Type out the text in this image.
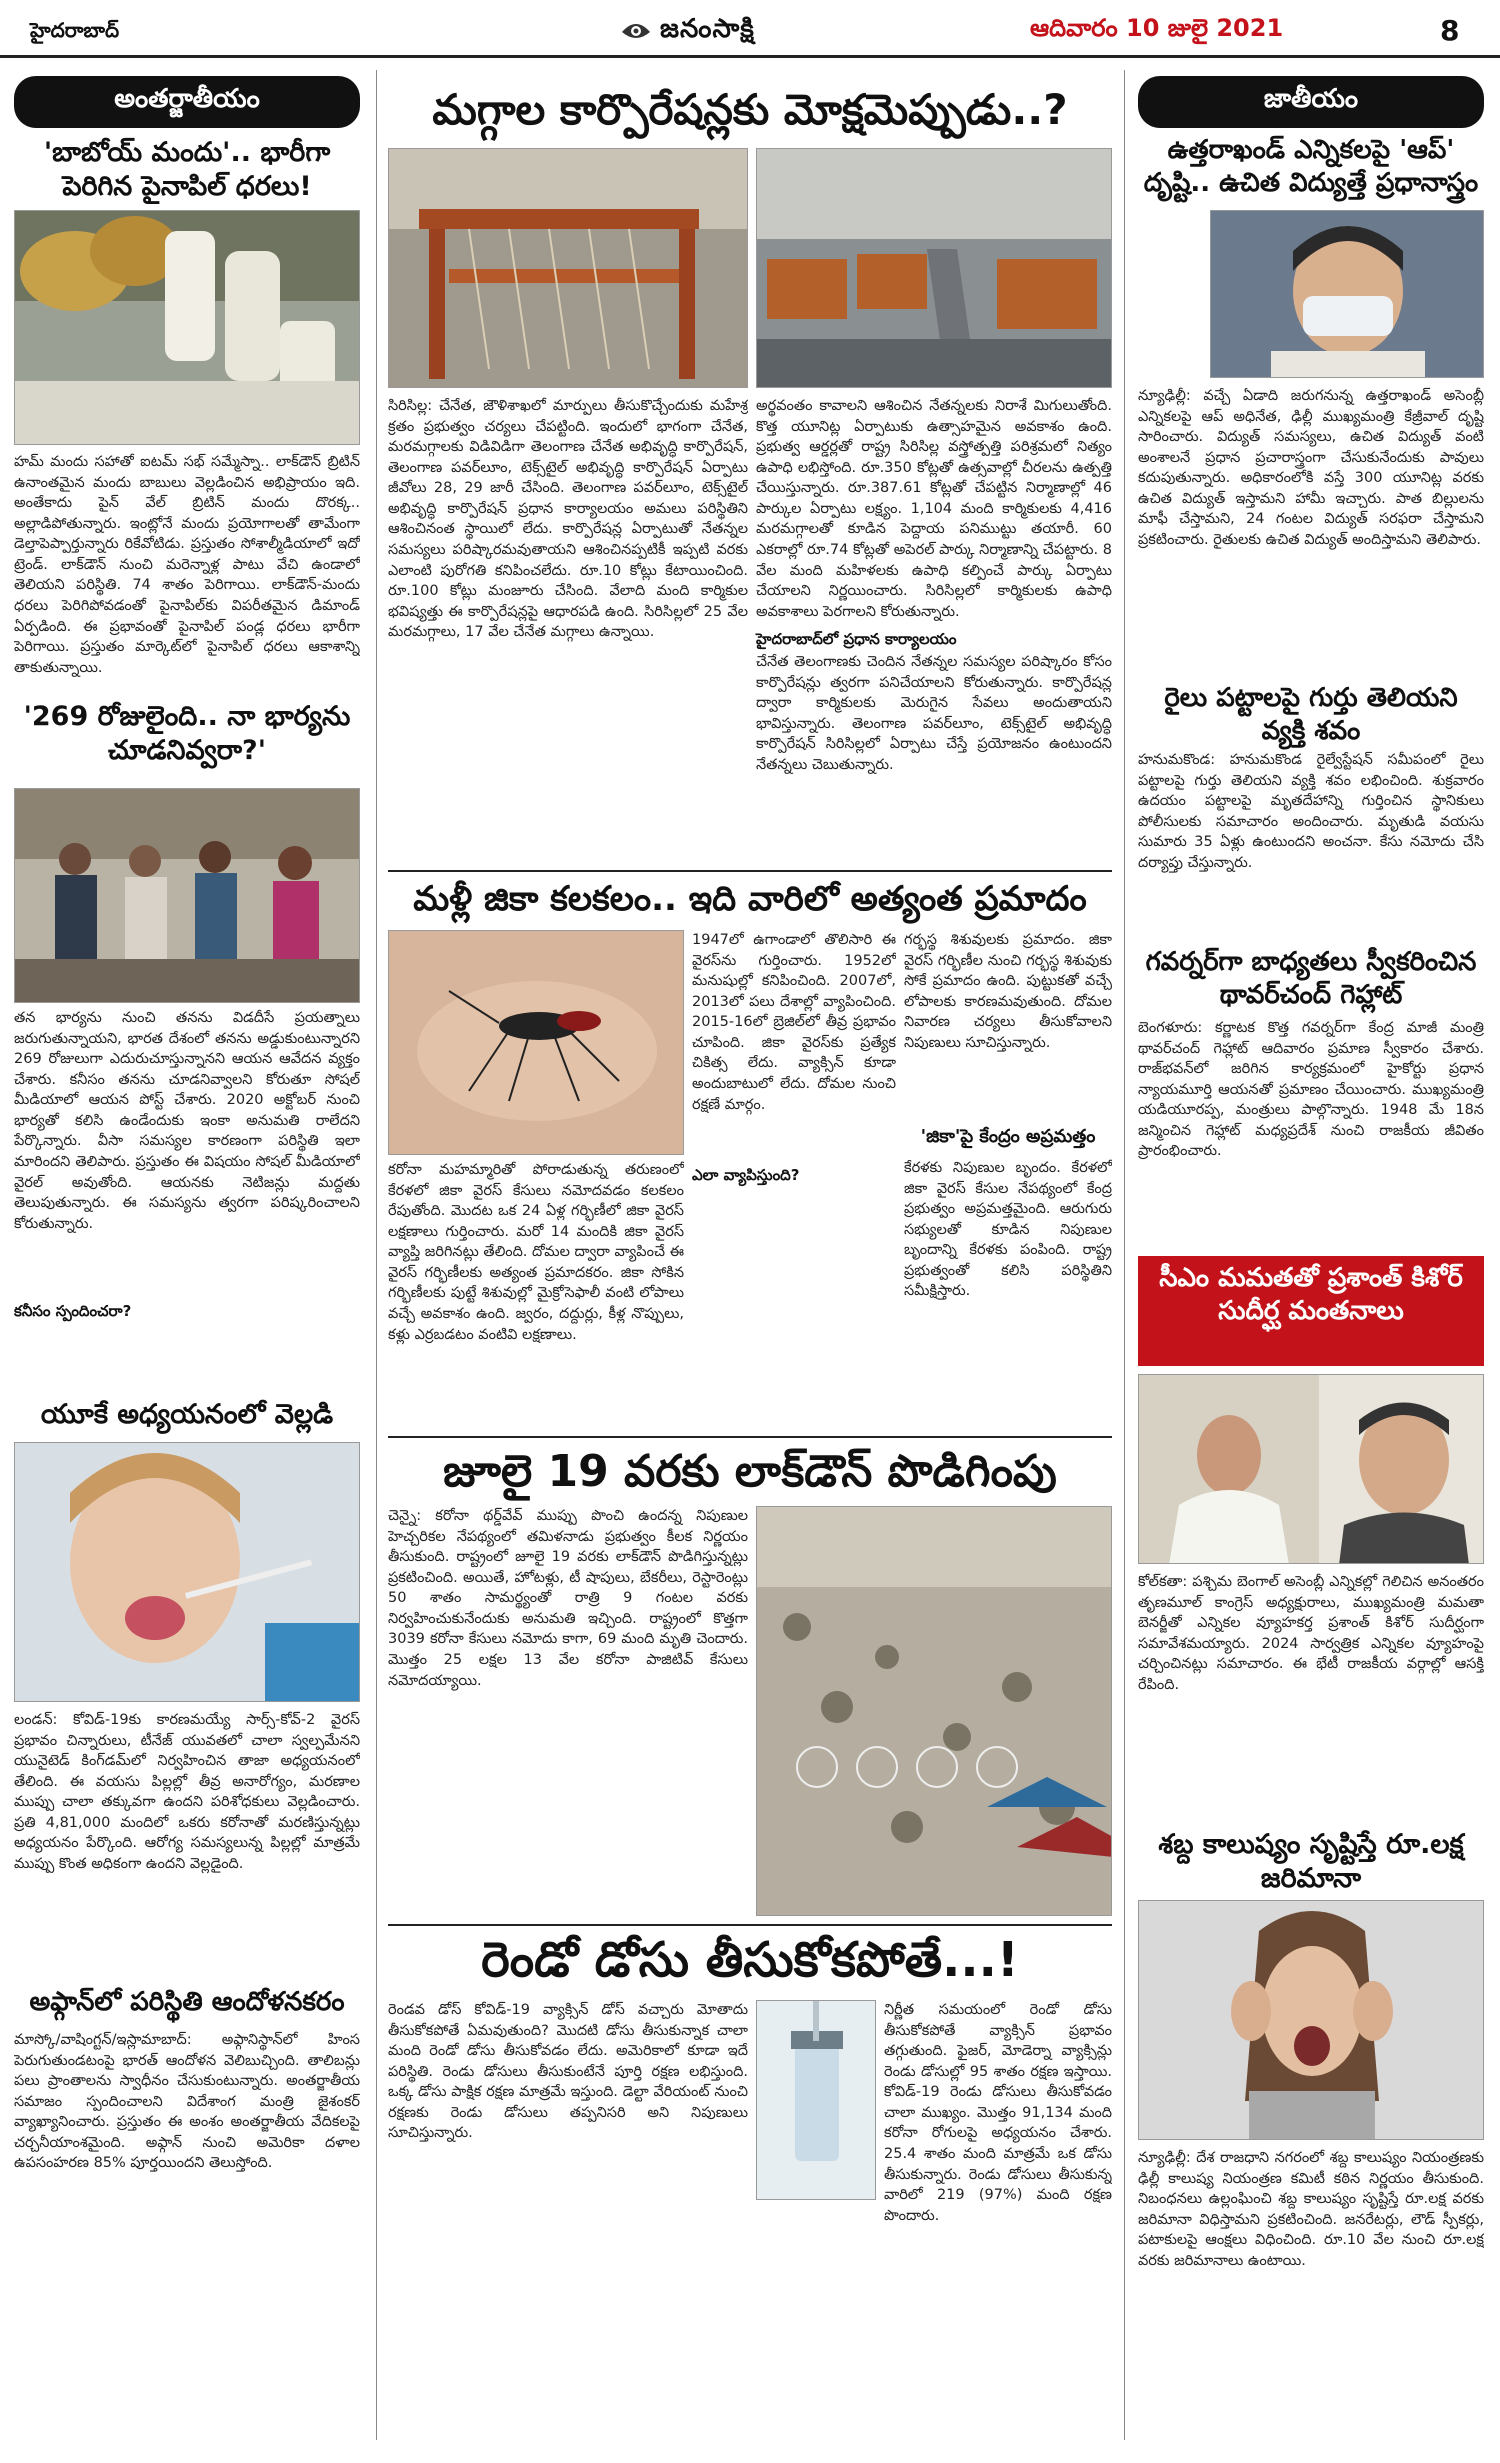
హైదరాబాద్	జనంసాక్షి	ఆదివారం 10 జులై 2021	8
అంతర్జాతీయం
'బాబోయ్ మందు'.. భారీగా పెరిగిన పైనాపిల్ ధరలు!
హమ్ మందు సహాతో ఐటమ్ సభ్ సమ్మేస్నా.. లాక్‌డౌన్ బ్రిటిన్ ఉనాంతమైన మందు బాబులు వెల్లడించిన అభిప్రాయం ఇది. అంతేకాదు పైన్ వేల్ బ్రిటిన్ మందు దొరక్క.. అల్లాడిపోతున్నారు. ఇంట్లోనే మందు ప్రయోగాలతో తామేంగా డెల్తాపెప్పార్తున్నారు రికేవోటిడు. ప్రస్తుతం సోశాల్మీడియాలో ఇదో ట్రెండ్. లాక్‌డౌన్ నుంచి మరెన్నాళ్ల పాటు వేచి ఉండాలో తెలియని పరిస్థితి. 74 శాతం పెరిగాయి. లాక్‌డౌన్-మందు ధరలు పెరిగిపోవడంతో పైనాపిల్‌కు విపరీతమైన డిమాండ్ ఏర్పడింది. ఈ ప్రభావంతో పైనాపిల్ పండ్ల ధరలు భారీగా పెరిగాయి. ప్రస్తుతం మార్కెట్‌లో పైనాపిల్ ధరలు ఆకాశాన్ని తాకుతున్నాయి.
'269 రోజులైంది.. నా భార్యను చూడనివ్వరా?'
తన భార్యను నుంచి తనను విడదీసే ప్రయత్నాలు జరుగుతున్నాయని, భారత దేశంలో తనను అడ్డుకుంటున్నారని 269 రోజులుగా ఎదురుచూస్తున్నానని ఆయన ఆవేదన వ్యక్తం చేశారు. కనీసం తనను చూడనివ్వాలని కోరుతూ సోషల్ మీడియాలో ఆయన పోస్ట్ చేశారు. 2020 అక్టోబర్ నుంచి భార్యతో కలిసి ఉండేందుకు ఇంకా అనుమతి రాలేదని పేర్కొన్నారు. వీసా సమస్యల కారణంగా పరిస్థితి ఇలా మారిందని తెలిపారు. ప్రస్తుతం ఈ విషయం సోషల్ మీడియాలో వైరల్ అవుతోంది. ఆయనకు నెటిజన్లు మద్దతు తెలుపుతున్నారు. ఈ సమస్యను త్వరగా పరిష్కరించాలని కోరుతున్నారు.
కనీసం స్పందించరా?
యూకే అధ్యయనంలో వెల్లడి
లండన్: కోవిడ్-19కు కారణమయ్యే సార్స్-కోవ్-2 వైరస్ ప్రభావం చిన్నారులు, టీనేజ్ యువతలో చాలా స్వల్పమేనని యునైటెడ్ కింగ్‌డమ్‌లో నిర్వహించిన తాజా అధ్యయనంలో తేలింది. ఈ వయసు పిల్లల్లో తీవ్ర అనారోగ్యం, మరణాల ముప్పు చాలా తక్కువగా ఉందని పరిశోధకులు వెల్లడించారు. ప్రతి 4,81,000 మందిలో ఒకరు కరోనాతో మరణిస్తున్నట్లు అధ్యయనం పేర్కొంది. ఆరోగ్య సమస్యలున్న పిల్లల్లో మాత్రమే ముప్పు కొంత అధికంగా ఉందని వెల్లడైంది.
అఫ్గాన్‌లో పరిస్థితి ఆందోళనకరం
మాస్కో/వాషింగ్టన్/ఇస్లామాబాద్: అఫ్గానిస్థాన్‌లో హింస పెరుగుతుండటంపై భారత్ ఆందోళన వెలిబుచ్చింది. తాలిబన్లు పలు ప్రాంతాలను స్వాధీనం చేసుకుంటున్నారు. అంతర్జాతీయ సమాజం స్పందించాలని విదేశాంగ మంత్రి జైశంకర్ వ్యాఖ్యానించారు. ప్రస్తుతం ఈ అంశం అంతర్జాతీయ వేదికలపై చర్చనీయాంశమైంది. అఫ్గాన్ నుంచి అమెరికా దళాల ఉపసంహరణ 85% పూర్తయిందని తెలుస్తోంది.
మగ్గాల కార్పొరేషన్లకు మోక్షమెప్పుడు..?
సిరిసిల్ల: చేనేత, జౌళిశాఖలో మార్పులు తీసుకొచ్చేందుకు మహేశ్ర క్రతం ప్రభుత్వం చర్యలు చేపట్టింది. ఇందులో భాగంగా చేనేత, మరమగ్గాలకు విడివిడిగా తెలంగాణ చేనేత అభివృద్ధి కార్పొరేషన్, తెలంగాణ పవర్‌లూం, టెక్స్‌టైల్ అభివృద్ధి కార్పొరేషన్ ఏర్పాటు జీవోలు 28, 29 జారీ చేసింది. తెలంగాణ పవర్‌లూం, టెక్స్‌టైల్ అభివృద్ధి కార్పొరేషన్ ప్రధాన కార్యాలయం అమలు పరిస్థితిని ఆశించినంత స్థాయిలో లేదు. కార్పొరేషన్ల ఏర్పాటుతో నేతన్నల సమస్యలు పరిష్కారమవుతాయని ఆశించినప్పటికీ ఇప్పటి వరకు ఎలాంటి పురోగతి కనిపించలేదు. రూ.10 కోట్లు కేటాయించింది. రూ.100 కోట్లు మంజూరు చేసింది. వేలాది మంది కార్మికుల భవిష్యత్తు ఈ కార్పొరేషన్లపై ఆధారపడి ఉంది. సిరిసిల్లలో 25 వేల మరమగ్గాలు, 17 వేల చేనేత మగ్గాలు ఉన్నాయి.
అర్థవంతం కావాలని ఆశించిన నేతన్నలకు నిరాశే మిగులుతోంది. కొత్త యూనిట్ల ఏర్పాటుకు ఉత్సాహమైన అవకాశం ఉంది. ప్రభుత్వ ఆర్డర్లతో రాష్ట్ర సిరిసిల్ల వస్త్రోత్పత్తి పరిశ్రమలో నిత్యం ఉపాధి లభిస్తోంది. రూ.350 కోట్లతో ఉత్సవాల్లో చీరలను ఉత్పత్తి చేయిస్తున్నారు. రూ.387.61 కోట్లతో చేపట్టిన నిర్మాణాల్లో 46 పార్కుల ఏర్పాటు లక్ష్యం. 1,104 మంది కార్మికులకు 4,416 మరమగ్గాలతో కూడిన పెద్దాయ పనిముట్టు తయారీ. 60 ఎకరాల్లో రూ.74 కోట్లతో అపెరల్ పార్కు నిర్మాణాన్ని చేపట్టారు. 8 వేల మంది మహిళలకు ఉపాధి కల్పించే పార్కు ఏర్పాటు చేయాలని నిర్ణయించారు. సిరిసిల్లలో కార్మికులకు ఉపాధి అవకాశాలు పెరగాలని కోరుతున్నారు.
హైదరాబాద్‌లో ప్రధాన కార్యాలయం
చేనేత తెలంగాణకు చెందిన నేతన్నల సమస్యల పరిష్కారం కోసం కార్పొరేషన్లు త్వరగా పనిచేయాలని కోరుతున్నారు. కార్పొరేషన్ల ద్వారా కార్మికులకు మెరుగైన సేవలు అందుతాయని భావిస్తున్నారు. తెలంగాణ పవర్‌లూం, టెక్స్‌టైల్ అభివృద్ధి కార్పొరేషన్ సిరిసిల్లలో ఏర్పాటు చేస్తే ప్రయోజనం ఉంటుందని నేతన్నలు చెబుతున్నారు.
మళ్లీ జికా కలకలం.. ఇది వారిలో అత్యంత ప్రమాదం
కరోనా మహమ్మారితో పోరాడుతున్న తరుణంలో కేరళలో జికా వైరస్ కేసులు నమోదవడం కలకలం రేపుతోంది. మొదట ఒక 24 ఏళ్ల గర్భిణీలో జికా వైరస్ లక్షణాలు గుర్తించారు. మరో 14 మందికి జికా వైరస్ వ్యాప్తి జరిగినట్లు తేలింది. దోమల ద్వారా వ్యాపించే ఈ వైరస్ గర్భిణీలకు అత్యంత ప్రమాదకరం. జికా సోకిన గర్భిణీలకు పుట్టే శిశువుల్లో మైక్రోసెఫాలీ వంటి లోపాలు వచ్చే అవకాశం ఉంది. జ్వరం, దద్దుర్లు, కీళ్ల నొప్పులు, కళ్లు ఎర్రబడటం వంటివి లక్షణాలు.
1947లో ఉగాండాలో తొలిసారి ఈ వైరస్‌ను గుర్తించారు. 1952లో మనుషుల్లో కనిపించింది. 2007లో, 2013లో పలు దేశాల్లో వ్యాపించింది. 2015-16లో బ్రెజిల్‌లో తీవ్ర ప్రభావం చూపింది. జికా వైరస్‌కు ప్రత్యేక చికిత్స లేదు. వ్యాక్సిన్ కూడా అందుబాటులో లేదు. దోమల నుంచి రక్షణే మార్గం.
ఎలా వ్యాపిస్తుంది?
గర్భస్థ శిశువులకు ప్రమాదం. జికా వైరస్ గర్భిణీల నుంచి గర్భస్థ శిశువుకు సోకే ప్రమాదం ఉంది. పుట్టుకతో వచ్చే లోపాలకు కారణమవుతుంది. దోమల నివారణ చర్యలు తీసుకోవాలని నిపుణులు సూచిస్తున్నారు.
'జికా'పై కేంద్రం అప్రమత్తం
కేరళకు నిపుణుల బృందం. కేరళలో జికా వైరస్ కేసుల నేపథ్యంలో కేంద్ర ప్రభుత్వం అప్రమత్తమైంది. ఆరుగురు సభ్యులతో కూడిన నిపుణుల బృందాన్ని కేరళకు పంపింది. రాష్ట్ర ప్రభుత్వంతో కలిసి పరిస్థితిని సమీక్షిస్తారు.
జూలై 19 వరకు లాక్‌డౌన్ పొడిగింపు
చెన్నై: కరోనా థర్డ్‌వేవ్ ముప్పు పొంచి ఉందన్న నిపుణుల హెచ్చరికల నేపథ్యంలో తమిళనాడు ప్రభుత్వం కీలక నిర్ణయం తీసుకుంది. రాష్ట్రంలో జూలై 19 వరకు లాక్‌డౌన్ పొడిగిస్తున్నట్లు ప్రకటించింది. అయితే, హోటళ్లు, టీ షాపులు, బేకరీలు, రెస్టారెంట్లు 50 శాతం సామర్థ్యంతో రాత్రి 9 గంటల వరకు నిర్వహించుకునేందుకు అనుమతి ఇచ్చింది. రాష్ట్రంలో కొత్తగా 3039 కరోనా కేసులు నమోదు కాగా, 69 మంది మృతి చెందారు. మొత్తం 25 లక్షల 13 వేల కరోనా పాజిటివ్ కేసులు నమోదయ్యాయి.
రెండో డోసు తీసుకోకపోతే...!
రెండవ డోస్ కోవిడ్-19 వ్యాక్సిన్ డోస్ వచ్చారు మోతాదు తీసుకోకపోతే ఏమవుతుంది? మొదటి డోసు తీసుకున్నాక చాలా మంది రెండో డోసు తీసుకోవడం లేదు. అమెరికాలో కూడా ఇదే పరిస్థితి. రెండు డోసులు తీసుకుంటేనే పూర్తి రక్షణ లభిస్తుంది. ఒక్క డోసు పాక్షిక రక్షణ మాత్రమే ఇస్తుంది. డెల్టా వేరియంట్ నుంచి రక్షణకు రెండు డోసులు తప్పనిసరి అని నిపుణులు సూచిస్తున్నారు.
నిర్ణీత సమయంలో రెండో డోసు తీసుకోకపోతే వ్యాక్సిన్ ప్రభావం తగ్గుతుంది. ఫైజర్, మోడెర్నా వ్యాక్సిన్లు రెండు డోసుల్లో 95 శాతం రక్షణ ఇస్తాయి. కోవిడ్-19 రెండు డోసులు తీసుకోవడం చాలా ముఖ్యం. మొత్తం 91,134 మంది కరోనా రోగులపై అధ్యయనం చేశారు. 25.4 శాతం మంది మాత్రమే ఒక డోసు తీసుకున్నారు. రెండు డోసులు తీసుకున్న వారిలో 219 (97%) మంది రక్షణ పొందారు.
జాతీయం
ఉత్తరాఖండ్ ఎన్నికలపై 'ఆప్' దృష్టి.. ఉచిత విద్యుత్తే ప్రధానాస్త్రం
న్యూఢిల్లీ: వచ్చే ఏడాది జరుగనున్న ఉత్తరాఖండ్ అసెంబ్లీ ఎన్నికలపై ఆప్ అధినేత, ఢిల్లీ ముఖ్యమంత్రి కేజ్రీవాల్ దృష్టి సారించారు. విద్యుత్ సమస్యలు, ఉచిత విద్యుత్ వంటి అంశాలనే ప్రధాన ప్రచారాస్త్రంగా చేసుకునేందుకు పావులు కదుపుతున్నారు. అధికారంలోకి వస్తే 300 యూనిట్ల వరకు ఉచిత విద్యుత్ ఇస్తామని హామీ ఇచ్చారు. పాత బిల్లులను మాఫీ చేస్తామని, 24 గంటల విద్యుత్ సరఫరా చేస్తామని ప్రకటించారు. రైతులకు ఉచిత విద్యుత్ అందిస్తామని తెలిపారు.
రైలు పట్టాలపై గుర్తు తెలియని వ్యక్తి శవం
హనుమకొండ: హనుమకొండ రైల్వేస్టేషన్ సమీపంలో రైలు పట్టాలపై గుర్తు తెలియని వ్యక్తి శవం లభించింది. శుక్రవారం ఉదయం పట్టాలపై మృతదేహాన్ని గుర్తించిన స్థానికులు పోలీసులకు సమాచారం అందించారు. మృతుడి వయసు సుమారు 35 ఏళ్లు ఉంటుందని అంచనా. కేసు నమోదు చేసి దర్యాప్తు చేస్తున్నారు.
గవర్నర్‌గా బాధ్యతలు స్వీకరించిన థావర్‌చంద్ గెహ్లాట్
బెంగళూరు: కర్ణాటక కొత్త గవర్నర్‌గా కేంద్ర మాజీ మంత్రి థావర్‌చంద్ గెహ్లాట్ ఆదివారం ప్రమాణ స్వీకారం చేశారు. రాజ్‌భవన్‌లో జరిగిన కార్యక్రమంలో హైకోర్టు ప్రధాన న్యాయమూర్తి ఆయనతో ప్రమాణం చేయించారు. ముఖ్యమంత్రి యడియూరప్ప, మంత్రులు పాల్గొన్నారు. 1948 మే 18న జన్మించిన గెహ్లాట్ మధ్యప్రదేశ్ నుంచి రాజకీయ జీవితం ప్రారంభించారు.
సీఎం మమతతో ప్రశాంత్ కిశోర్ సుదీర్ఘ మంతనాలు
కోల్‌కతా: పశ్చిమ బెంగాల్ అసెంబ్లీ ఎన్నికల్లో గెలిచిన అనంతరం తృణమూల్ కాంగ్రెస్ అధ్యక్షురాలు, ముఖ్యమంత్రి మమతా బెనర్జీతో ఎన్నికల వ్యూహకర్త ప్రశాంత్ కిశోర్ సుదీర్ఘంగా సమావేశమయ్యారు. 2024 సార్వత్రిక ఎన్నికల వ్యూహంపై చర్చించినట్లు సమాచారం. ఈ భేటీ రాజకీయ వర్గాల్లో ఆసక్తి రేపింది.
శబ్ద కాలుష్యం సృష్టిస్తే రూ.లక్ష జరిమానా
న్యూఢిల్లీ: దేశ రాజధాని నగరంలో శబ్ద కాలుష్యం నియంత్రణకు ఢిల్లీ కాలుష్య నియంత్రణ కమిటీ కఠిన నిర్ణయం తీసుకుంది. నిబంధనలు ఉల్లంఘించి శబ్ద కాలుష్యం సృష్టిస్తే రూ.లక్ష వరకు జరిమానా విధిస్తామని ప్రకటించింది. జనరేటర్లు, లౌడ్ స్పీకర్లు, పటాకులపై ఆంక్షలు విధించింది. రూ.10 వేల నుంచి రూ.లక్ష వరకు జరిమానాలు ఉంటాయి.
